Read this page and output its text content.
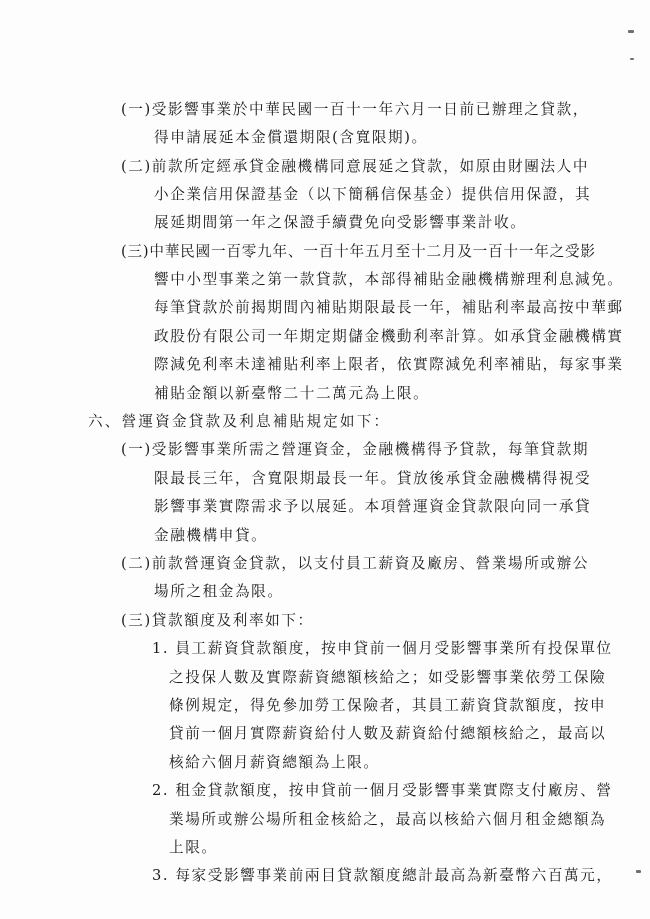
(一)受影響事業於中華民國一百十一年六月一日前已辦理之貸款，
得申請展延本金償還期限(含寬限期)。
(二)前款所定經承貸金融機構同意展延之貸款，如原由財團法人中
小企業信用保證基金（以下簡稱信保基金）提供信用保證，其
展延期間第一年之保證手續費免向受影響事業計收。
(三)中華民國一百零九年、一百十年五月至十二月及一百十一年之受影
響中小型事業之第一款貸款，本部得補貼金融機構辦理利息減免。
每筆貸款於前揭期間內補貼期限最長一年，補貼利率最高按中華郵
政股份有限公司一年期定期儲金機動利率計算。如承貸金融機構實
際減免利率未達補貼利率上限者，依實際減免利率補貼，每家事業
補貼金額以新臺幣二十二萬元為上限。
六、營運資金貸款及利息補貼規定如下：
(一)受影響事業所需之營運資金，金融機構得予貸款，每筆貸款期
限最長三年，含寬限期最長一年。貸放後承貸金融機構得視受
影響事業實際需求予以展延。本項營運資金貸款限向同一承貸
金融機構申貸。
(二)前款營運資金貸款，以支付員工薪資及廠房、營業場所或辦公
場所之租金為限。
(三)貸款額度及利率如下：
1. 員工薪資貸款額度，按申貸前一個月受影響事業所有投保單位
之投保人數及實際薪資總額核給之；如受影響事業依勞工保險
條例規定，得免參加勞工保險者，其員工薪資貸款額度，按申
貸前一個月實際薪資給付人數及薪資給付總額核給之，最高以
核給六個月薪資總額為上限。
2. 租金貸款額度，按申貸前一個月受影響事業實際支付廠房、營
業場所或辦公場所租金核給之，最高以核給六個月租金總額為
上限。
3. 每家受影響事業前兩目貸款額度總計最高為新臺幣六百萬元，
